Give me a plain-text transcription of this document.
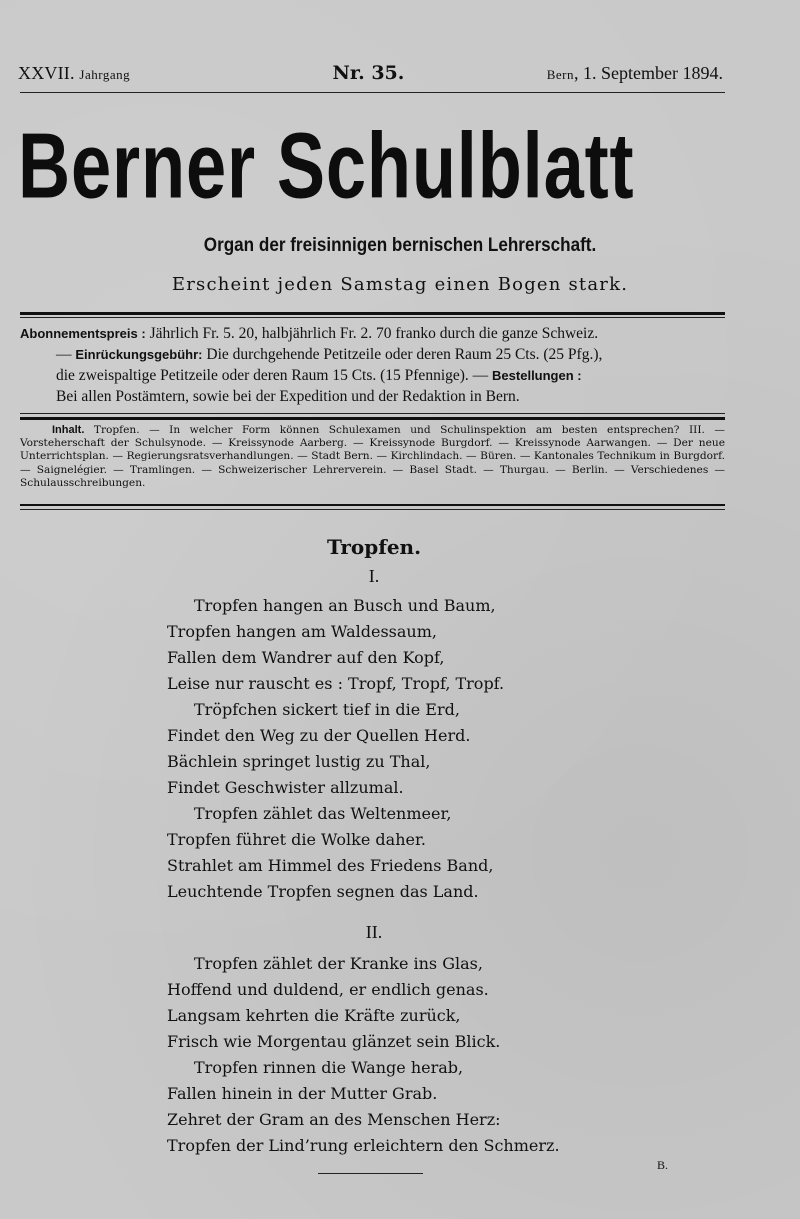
XXVII. Jahrgang	Nr. 35.	Bern, 1. September 1894.
Berner Schulblatt
Organ der freisinnigen bernischen Lehrerschaft.
Erscheint jeden Samstag einen Bogen stark.
Abonnementspreis : Jährlich Fr. 5. 20, halbjährlich Fr. 2. 70 franko durch die ganze Schweiz.
— Einrückungsgebühr: Die durchgehende Petitzeile oder deren Raum 25 Cts. (25 Pfg.),
die zweispaltige Petitzeile oder deren Raum 15 Cts. (15 Pfennige). — Bestellungen :
Bei allen Postämtern, sowie bei der Expedition und der Redaktion in Bern.
Inhalt. Tropfen. — In welcher Form können Schulexamen und Schulinspektion am besten entsprechen? III. — Vorsteherschaft der Schulsynode. — Kreissynode Aarberg. — Kreissynode Burgdorf. — Kreissynode Aarwangen. — Der neue Unterrichtsplan. — Regierungsratsverhandlungen. — Stadt Bern. — Kirchlindach. — Büren. — Kantonales Technikum in Burgdorf. — Saignelégier. — Tramlingen. — Schweizerischer Lehrerverein. — Basel Stadt. — Thurgau. — Berlin. — Verschiedenes — Schulausschreibungen.
Tropfen.
I.
Tropfen hangen an Busch und Baum,
Tropfen hangen am Waldessaum,
Fallen dem Wandrer auf den Kopf,
Leise nur rauscht es : Tropf, Tropf, Tropf.
Tröpfchen sickert tief in die Erd,
Findet den Weg zu der Quellen Herd.
Bächlein springet lustig zu Thal,
Findet Geschwister allzumal.
Tropfen zählet das Weltenmeer,
Tropfen führet die Wolke daher.
Strahlet am Himmel des Friedens Band,
Leuchtende Tropfen segnen das Land.
II.
Tropfen zählet der Kranke ins Glas,
Hoffend und duldend, er endlich genas.
Langsam kehrten die Kräfte zurück,
Frisch wie Morgentau glänzet sein Blick.
Tropfen rinnen die Wange herab,
Fallen hinein in der Mutter Grab.
Zehret der Gram an des Menschen Herz:
Tropfen der Lind’rung erleichtern den Schmerz.
B.
